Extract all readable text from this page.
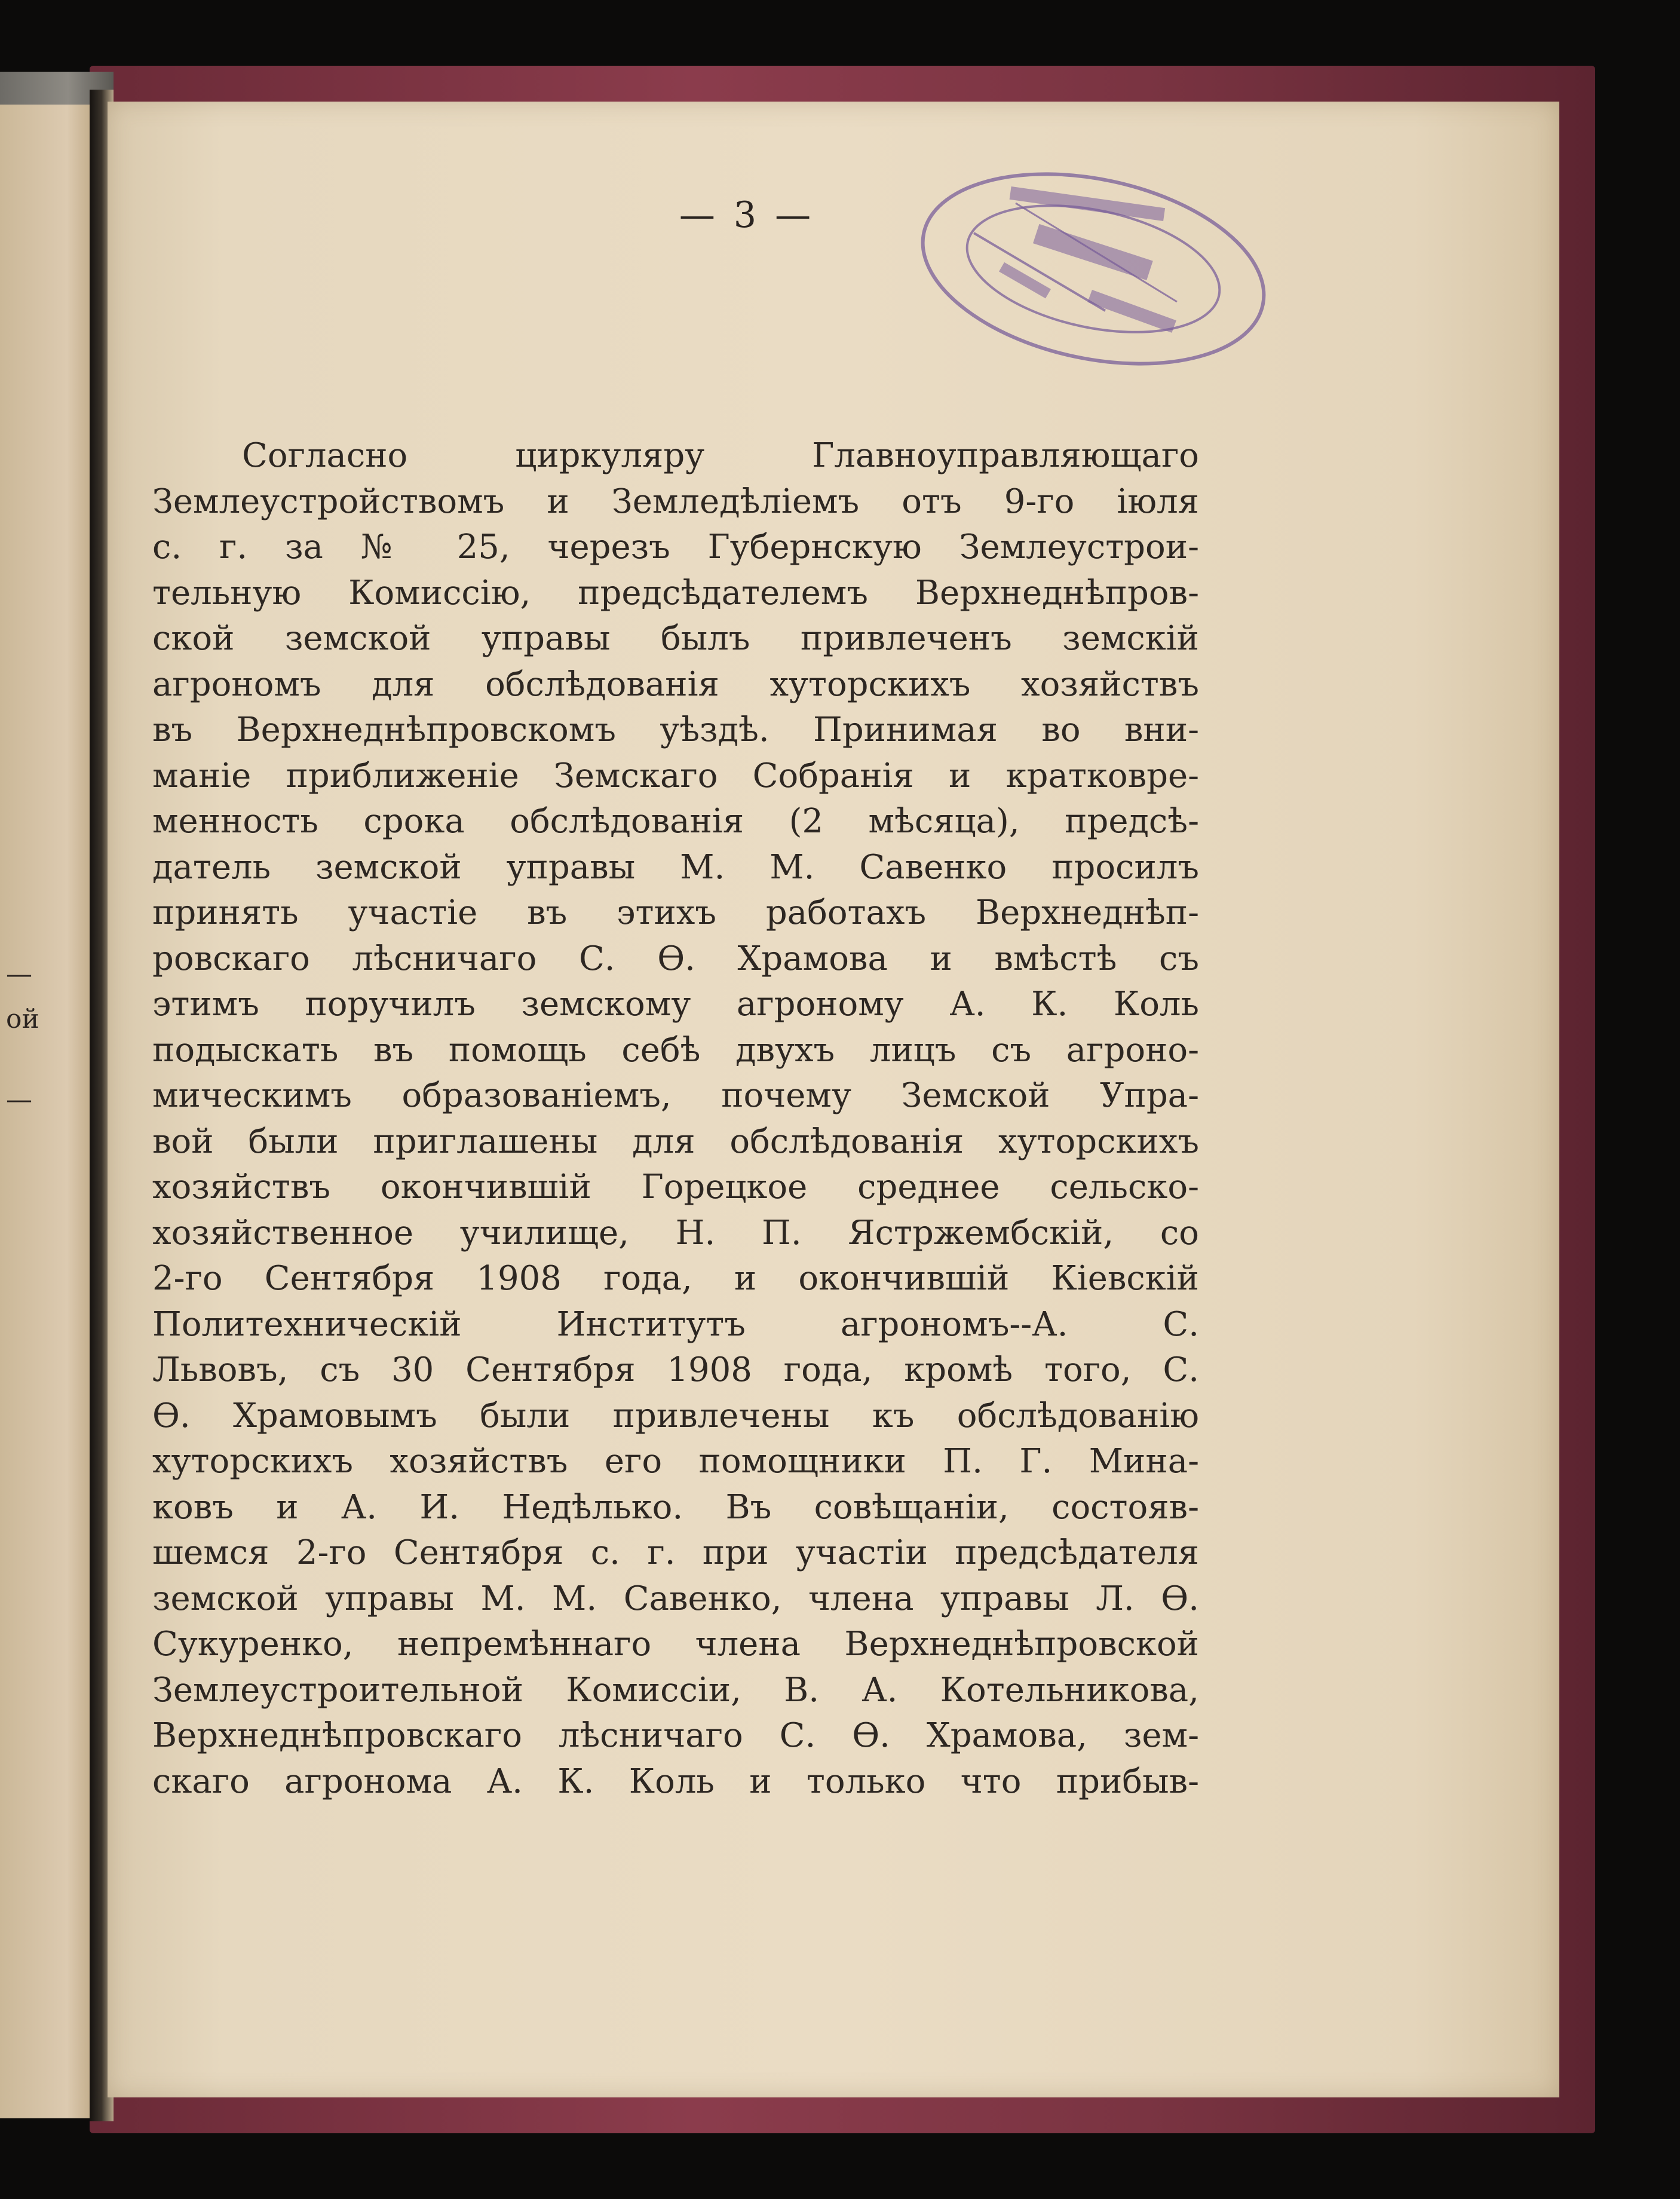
—
ой
—
— 3 —
Согласно циркуляру Главноуправляющаго
Землеустройствомъ и Земледѣліемъ отъ 9-го іюля
с. г. за № 25, черезъ Губернскую Землеустрои-
тельную Комиссію, предсѣдателемъ Верхнеднѣпров-
ской земской управы былъ привлеченъ земскій
агрономъ для обслѣдованія хуторскихъ хозяйствъ
въ Верхнеднѣпровскомъ уѣздѣ. Принимая во вни-
маніе приближеніе Земскаго Собранія и кратковре-
менность срока обслѣдованія (2 мѣсяца), предсѣ-
датель земской управы М. М. Савенко просилъ
принять участіе въ этихъ работахъ Верхнеднѣп-
ровскаго лѣсничаго С. Ѳ. Храмова и вмѣстѣ съ
этимъ поручилъ земскому агроному А. К. Коль
подыскать въ помощь себѣ двухъ лицъ съ агроно-
мическимъ образованіемъ, почему Земской Упра-
вой были приглашены для обслѣдованія хуторскихъ
хозяйствъ окончившій Горецкое среднее сельско-
хозяйственное училище, Н. П. Ястржембскій, со
2-го Сентября 1908 года, и окончившій Кіевскій
Политехническій Институтъ агрономъ--А. С.
Львовъ, съ 30 Сентября 1908 года, кромѣ того, С.
Ѳ. Храмовымъ были привлечены къ обслѣдованію
хуторскихъ хозяйствъ его помощники П. Г. Мина-
ковъ и А. И. Недѣлько. Въ совѣщаніи, состояв-
шемся 2-го Сентября с. г. при участіи предсѣдателя
земской управы М. М. Савенко, члена управы Л. Ѳ.
Сукуренко, непремѣннаго члена Верхнеднѣпровской
Землеустроительной Комиссіи, В. А. Котельникова,
Верхнеднѣпровскаго лѣсничаго С. Ѳ. Храмова, зем-
скаго агронома А. К. Коль и только что прибыв-
